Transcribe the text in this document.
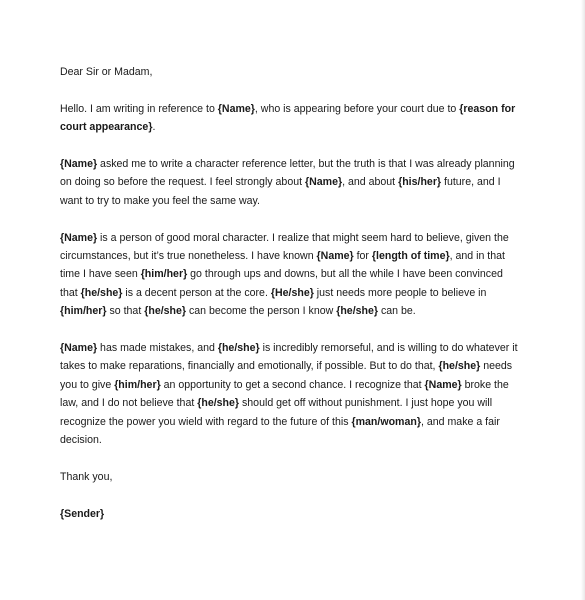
Dear Sir or Madam,

Hello. I am writing in reference to {Name}, who is appearing before your court due to {reason for court appearance}.

{Name} asked me to write a character reference letter, but the truth is that I was already planning on doing so before the request. I feel strongly about {Name}, and about {his/her} future, and I want to try to make you feel the same way.

{Name} is a person of good moral character. I realize that might seem hard to believe, given the circumstances, but it’s true nonetheless. I have known {Name} for {length of time}, and in that time I have seen {him/her} go through ups and downs, but all the while I have been convinced that {he/she} is a decent person at the core. {He/she} just needs more people to believe in {him/her} so that {he/she} can become the person I know {he/she} can be.

{Name} has made mistakes, and {he/she} is incredibly remorseful, and is willing to do whatever it takes to make reparations, financially and emotionally, if possible. But to do that, {he/she} needs you to give {him/her} an opportunity to get a second chance. I recognize that {Name} broke the law, and I do not believe that {he/she} should get off without punishment. I just hope you will recognize the power you wield with regard to the future of this {man/woman}, and make a fair decision.

Thank you,

{Sender}
